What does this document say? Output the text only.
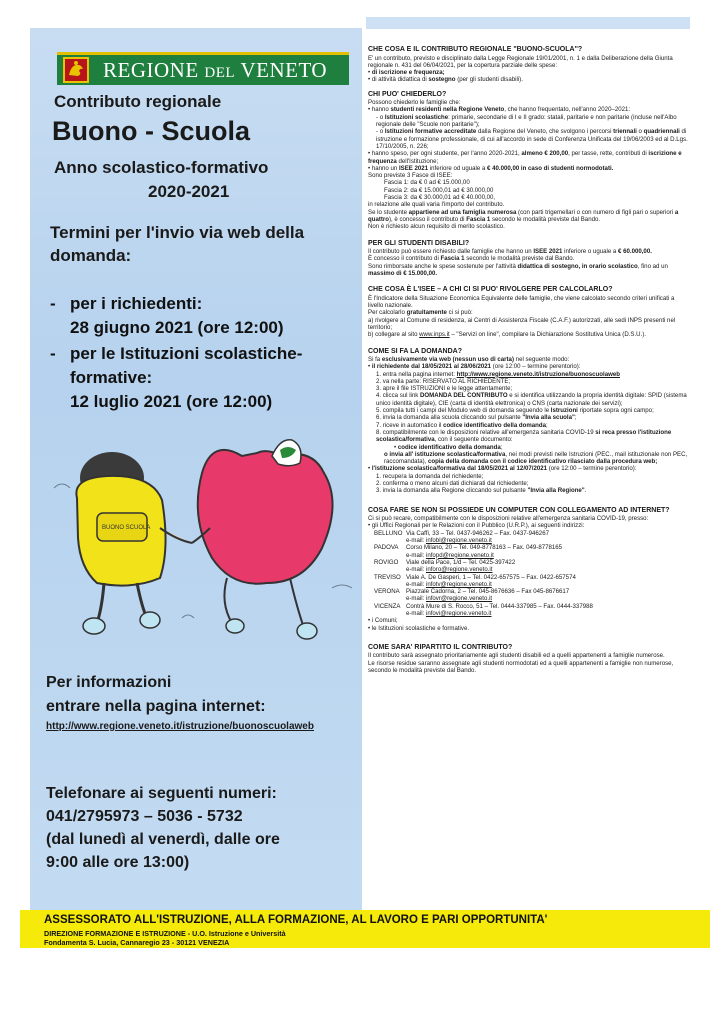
REGIONE DEL VENETO
Contributo regionale
Buono - Scuola
Anno scolastico-formativo
2020-2021
Termini per l'invio via web della domanda:
- per i richiedenti:
28 giugno 2021 (ore 12:00)
- per le Istituzioni scolastiche-formative:
12 luglio 2021 (ore 12:00)
BUONO SCUOLA
Per informazioni
entrare nella pagina internet:
http://www.regione.veneto.it/istruzione/buonoscuolaweb
Telefonare ai seguenti numeri:
041/2795973 – 5036 - 5732
(dal lunedì al venerdì, dalle ore
9:00 alle ore 13:00)
CHE COSA È IL CONTRIBUTO REGIONALE "BUONO-SCUOLA"?

E' un contributo, previsto e disciplinato dalla Legge Regionale 19/01/2001, n. 1 e dalla Deliberazione della Giunta regionale n. 431 del 06/04/2021, per la copertura parziale delle spese:

• di iscrizione e frequenza;

• di attività didattica di sostegno (per gli studenti disabili).

CHI PUO' CHIEDERLO?

Possono chiederlo le famiglie che:

• hanno studenti residenti nella Regione Veneto, che hanno frequentato, nell'anno 2020–2021:

- o Istituzioni scolastiche: primarie, secondarie di I e II grado: statali, paritarie e non paritarie (incluse nell'Albo regionale delle "Scuole non paritarie");

- o Istituzioni formative accreditate dalla Regione del Veneto, che svolgono i percorsi triennali o quadriennali di istruzione e formazione professionale, di cui all'accordo in sede di Conferenza Unificata del 19/06/2003 ed al D.Lgs. 17/10/2005, n. 226;

• hanno speso, per ogni studente, per l'anno 2020-2021, almeno € 200,00, per tasse, rette, contributi di iscrizione e frequenza dell'Istituzione;

• hanno un ISEE 2021 inferiore od uguale a € 40.000,00 in caso di studenti normodotati.

Sono previste 3 Fasce di ISEE:

Fascia 1: da € 0 ad € 15.000,00

Fascia 2: da € 15.000,01 ad € 30.000,00

Fascia 3: da € 30.000,01 ad € 40.000,00,

in relazione alle quali varia l'importo del contributo.

Se lo studente appartiene ad una famiglia numerosa (con parti trigemellari o con numero di figli pari o superiori a quattro), è concesso il contributo di Fascia 1 secondo le modalità previste dal Bando.

Non è richiesto alcun requisito di merito scolastico.

PER GLI STUDENTI DISABILI?

Il contributo può essere richiesto dalle famiglie che hanno un ISEE 2021 inferiore o uguale a € 60.000,00.

È concesso il contributo di Fascia 1 secondo le modalità previste dal Bando.

Sono rimborsate anche le spese sostenute per l'attività didattica di sostegno, in orario scolastico, fino ad un massimo di € 15.000,00.

CHE COSA È L'ISEE – A CHI CI SI PUO' RIVOLGERE PER CALCOLARLO?

È l'Indicatore della Situazione Economica Equivalente delle famiglie, che viene calcolato secondo criteri unificati a livello nazionale.

Per calcolarlo gratuitamente ci si può:

a) rivolgere al Comune di residenza, ai Centri di Assistenza Fiscale (C.A.F.) autorizzati, alle sedi INPS presenti nel territorio;

b) collegare al sito www.inps.it – "Servizi on line", compilare la Dichiarazione Sostitutiva Unica (D.S.U.).

COME SI FA LA DOMANDA?

Si fa esclusivamente via web (nessun uso di carta) nel seguente modo:

• il richiedente dal 18/05/2021 al 28/06/2021 (ore 12:00 – termine perentorio):

1. entra nella pagina internet: http://www.regione.veneto.it/istruzione/buonoscuolaweb

2. va nella parte: RISERVATO AL RICHIEDENTE;

3. apre il file ISTRUZIONI e le legge attentamente;

4. clicca sul link DOMANDA DEL CONTRIBUTO e si identifica utilizzando la propria identità digitale: SPID (sistema unico identità digitale), CIE (carta di identità elettronica) o CNS (carta nazionale dei servizi);

5. compila tutti i campi del Modulo web di domanda seguendo le Istruzioni riportate sopra ogni campo;

6. invia la domanda alla scuola cliccando sul pulsante "Invia alla scuola";

7. riceve in automatico il codice identificativo della domanda;

8. compatibilmente con le disposizioni relative all'emergenza sanitaria COVID-19 si reca presso l'istituzione scolastica/formativa, con il seguente documento:

• codice identificativo della domanda;

o invia all' istituzione scolastica/formativa, nei modi previsti nelle Istruzioni (PEC., mail istituzionale non PEC, raccomandata), copia della domanda con il codice identificativo rilasciato dalla procedura web;

• l'istituzione scolastica/formativa dal 18/05/2021 al 12/07/2021 (ore 12:00 – termine perentorio):

1. recupera la domanda del richiedente;

2. conferma o meno alcuni dati dichiarati dal richiedente;

3. invia la domanda alla Regione cliccando sul pulsante "Invia alla Regione".

COSA FARE SE NON SI POSSIEDE UN COMPUTER CON COLLEGAMENTO AD INTERNET?

Ci si può recare, compatibilmente con le disposizioni relative all'emergenza sanitaria COVID-19, presso:

• gli Uffici Regionali per le Relazioni con il Pubblico (U.R.P.), ai seguenti indirizzi:

BELLUNO Via Caffi, 33 – Tel. 0437-946262 – Fax. 0437-946267
e-mail: infobl@regione.veneto.it
PADOVA	Corso Milano, 20 – Tel. 049-8778163 – Fax. 049-8778165
e-mail: infopd@regione.veneto.it
ROVIGO	Viale della Pace, 1/d – Tel. 0425-397422
e-mail: inforo@regione.veneto.it
TREVISO Viale A. De Gasperi, 1 – Tel. 0422-657575 – Fax. 0422-657574
e-mail: infotv@regione.veneto.it
VERONA	Piazzale Cadorna, 2 – Tel. 045-8676636 – Fax 045-8676617
e-mail: infovr@regione.veneto.it
VICENZA Contrà Mure di S. Rocco, 51 – Tel. 0444-337985 – Fax. 0444-337988
e-mail: infovi@regione.veneto.it

• i Comuni;

• le Istituzioni scolastiche e formative.

COME SARA' RIPARTITO IL CONTRIBUTO?

Il contributo sarà assegnato prioritariamente agli studenti disabili ed a quelli appartenenti a famiglie numerose.

Le risorse residue saranno assegnate agli studenti normodotati ed a quelli appartenenti a famiglie non numerose, secondo le modalità previste dal Bando.

ASSESSORATO ALL'ISTRUZIONE, ALLA FORMAZIONE, AL LAVORO E PARI OPPORTUNITA'
DIREZIONE FORMAZIONE E ISTRUZIONE - U.O. Istruzione e Università
Fondamenta S. Lucia, Cannaregio 23 - 30121 VENEZIA
